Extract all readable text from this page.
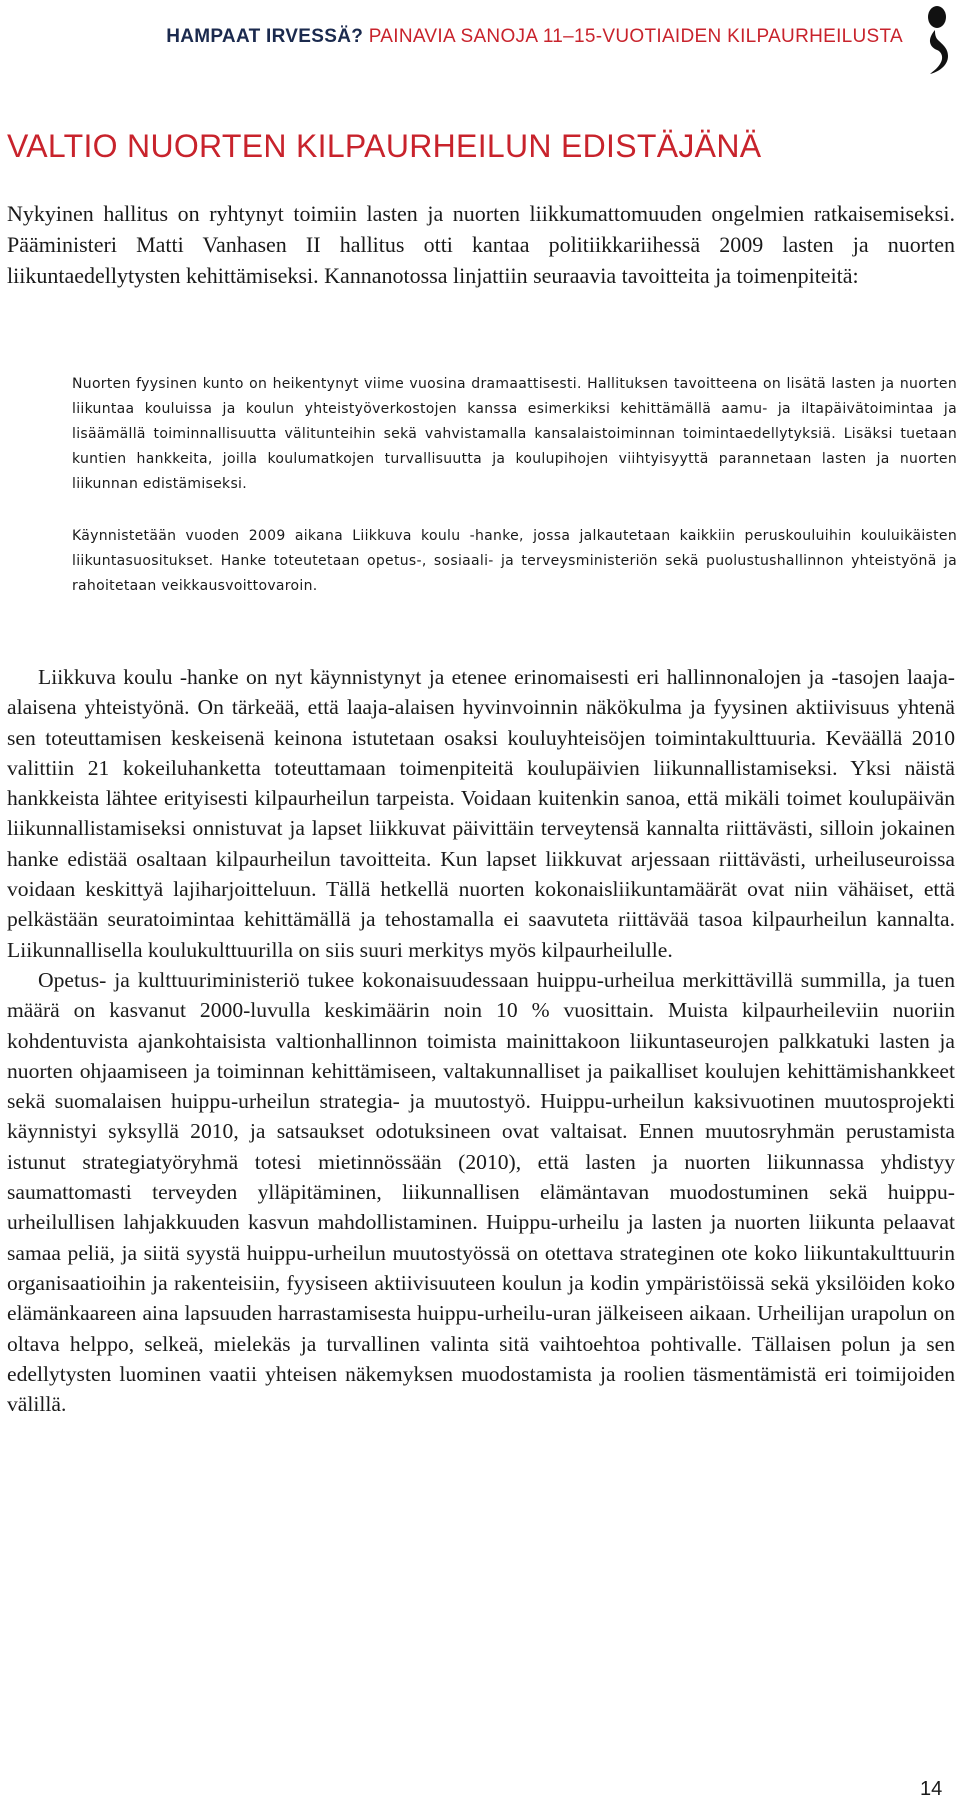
HAMPAAT IRVESSÄ? PAINAVIA SANOJA 11–15-VUOTIAIDEN KILPAURHEILUSTA
VALTIO NUORTEN KILPAURHEILUN EDISTÄJÄNÄ

Nykyinen hallitus on ryhtynyt toimiin lasten ja nuorten liikkumattomuuden ongelmien ratkaisemiseksi. Pääministeri Matti Vanhasen II hallitus otti kantaa politiikkariihessä 2009 lasten ja nuorten liikuntaedellytysten kehittämiseksi. Kannanotossa linjattiin seuraavia tavoitteita ja toimenpiteitä:

Nuorten fyysinen kunto on heikentynyt viime vuosina dramaattisesti. Hallituksen tavoitteena on lisätä lasten ja nuorten liikuntaa kouluissa ja koulun yhteistyöverkostojen kanssa esimerkiksi kehittämällä aamu- ja iltapäivätoimintaa ja lisäämällä toiminnallisuutta välitunteihin sekä vahvistamalla kansalaistoiminnan toimintaedellytyksiä. Lisäksi tuetaan kuntien hankkeita, joilla koulumatkojen turvallisuutta ja koulupihojen viihtyisyyttä parannetaan lasten ja nuorten liikunnan edistämiseksi.

Käynnistetään vuoden 2009 aikana Liikkuva koulu -hanke, jossa jalkautetaan kaikkiin peruskouluihin kouluikäisten liikuntasuositukset. Hanke toteutetaan opetus-, sosiaali- ja terveysministeriön sekä puolustushallinnon yhteistyönä ja rahoitetaan veikkausvoittovaroin.

Liikkuva koulu -hanke on nyt käynnistynyt ja etenee erinomaisesti eri hallinnonalojen ja -tasojen laaja-alaisena yhteistyönä. On tärkeää, että laaja-alaisen hyvinvoinnin näkökulma ja fyysinen aktiivisuus yhtenä sen toteuttamisen keskeisenä keinona istutetaan osaksi kouluyhteisöjen toimintakulttuuria. Keväällä 2010 valittiin 21 kokeiluhanketta toteuttamaan toimenpiteitä koulupäivien liikunnallistamiseksi. Yksi näistä hankkeista lähtee erityisesti kilpaurheilun tarpeista. Voidaan kuitenkin sanoa, että mikäli toimet koulupäivän liikunnallistamiseksi onnistuvat ja lapset liikkuvat päivittäin terveytensä kannalta riittävästi, silloin jokainen hanke edistää osaltaan kilpaurheilun tavoitteita. Kun lapset liikkuvat arjessaan riittävästi, urheiluseuroissa voidaan keskittyä lajiharjoitteluun. Tällä hetkellä nuorten kokonaisliikuntamäärät ovat niin vähäiset, että pelkästään seuratoimintaa kehittämällä ja tehostamalla ei saavuteta riittävää tasoa kilpaurheilun kannalta. Liikunnallisella koulukulttuurilla on siis suuri merkitys myös kilpaurheilulle.

Opetus- ja kulttuuriministeriö tukee kokonaisuudessaan huippu-urheilua merkittävillä summilla, ja tuen määrä on kasvanut 2000-luvulla keskimäärin noin 10 % vuosittain. Muista kilpaurheileviin nuoriin kohdentuvista ajankohtaisista valtionhallinnon toimista mainittakoon liikuntaseurojen palkkatuki lasten ja nuorten ohjaamiseen ja toiminnan kehittämiseen, valtakunnalliset ja paikalliset koulujen kehittämishankkeet sekä suomalaisen huippu-urheilun strategia- ja muutostyö. Huippu-urheilun kaksivuotinen muutosprojekti käynnistyi syksyllä 2010, ja satsaukset odotuksineen ovat valtaisat. Ennen muutosryhmän perustamista istunut strategiatyöryhmä totesi mietinnössään (2010), että lasten ja nuorten liikunnassa yhdistyy saumattomasti terveyden ylläpitäminen, liikunnallisen elämäntavan muodostuminen sekä huippu-urheilullisen lahjakkuuden kasvun mahdollistaminen. Huippu-urheilu ja lasten ja nuorten liikunta pelaavat samaa peliä, ja siitä syystä huippu-urheilun muutostyössä on otettava strateginen ote koko liikuntakulttuurin organisaatioihin ja rakenteisiin, fyysiseen aktiivisuuteen koulun ja kodin ympäristöissä sekä yksilöiden koko elämänkaareen aina lapsuuden harrastamisesta huippu-urheilu-uran jälkeiseen aikaan. Urheilijan urapolun on oltava helppo, selkeä, mielekäs ja turvallinen valinta sitä vaihtoehtoa pohtivalle. Tällaisen polun ja sen edellytysten luominen vaatii yhteisen näkemyksen muodostamista ja roolien täsmentämistä eri toimijoiden välillä.

14
